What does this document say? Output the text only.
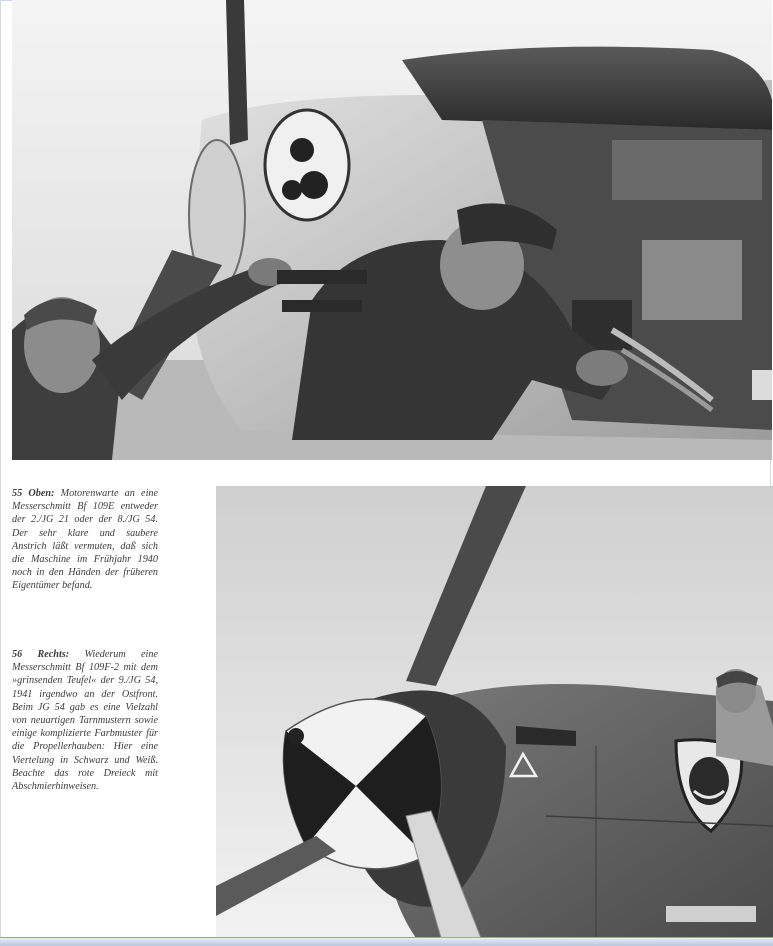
55 Oben: Motorenwarte an eine Messerschmitt Bf 109E entweder der 2./JG 21 oder der 8./JG 54. Der sehr klare und saubere Anstrich läßt vermuten, daß sich die Maschine im Frühjahr 1940 noch in den Händen der früheren Eigentümer befand.
56 Rechts: Wiederum eine Messerschmitt Bf 109F-2 mit dem »grinsenden Teufel« der 9./JG 54, 1941 irgendwo an der Ostfront. Beim JG 54 gab es eine Vielzahl von neuartigen Tarnmustern sowie einige komplizierte Farbmuster für die Propellerhauben: Hier eine Viertelung in Schwarz und Weiß. Beachte das rote Dreieck mit Abschmierhinweisen.
